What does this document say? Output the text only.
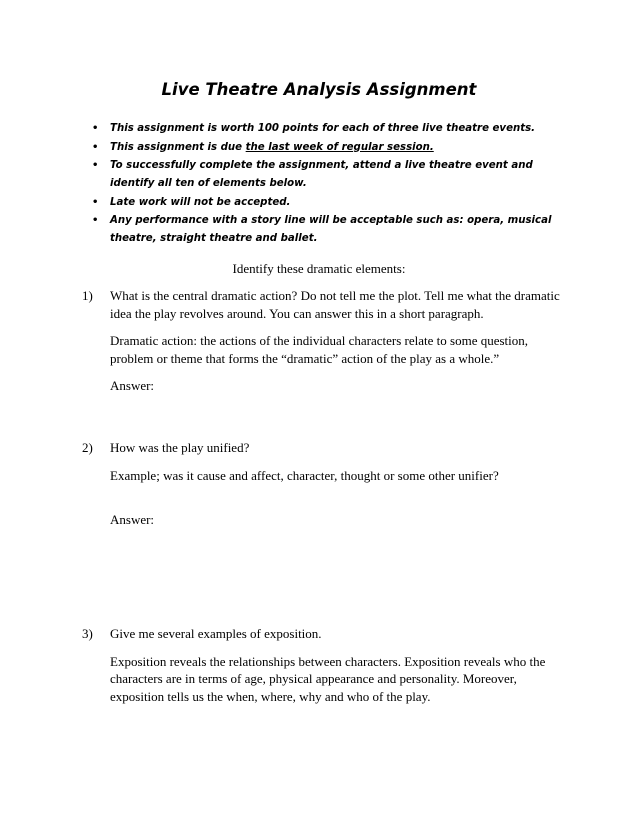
Live Theatre Analysis Assignment
• This assignment is worth 100 points for each of three live theatre events.
• This assignment is due the last week of regular session.
• To successfully complete the assignment, attend a live theatre event and identify all ten of elements below.
• Late work will not be accepted.
• Any performance with a story line will be acceptable such as: opera, musical theatre, straight theatre and ballet.
Identify these dramatic elements:
1) What is the central dramatic action? Do not tell me the plot. Tell me what the dramatic idea the play revolves around. You can answer this in a short paragraph.
Dramatic action: the actions of the individual characters relate to some question, problem or theme that forms the “dramatic” action of the play as a whole.”
Answer:
2) How was the play unified?
Example; was it cause and affect, character, thought or some other unifier?
Answer:
3) Give me several examples of exposition.
Exposition reveals the relationships between characters. Exposition reveals who the characters are in terms of age, physical appearance and personality. Moreover, exposition tells us the when, where, why and who of the play.
